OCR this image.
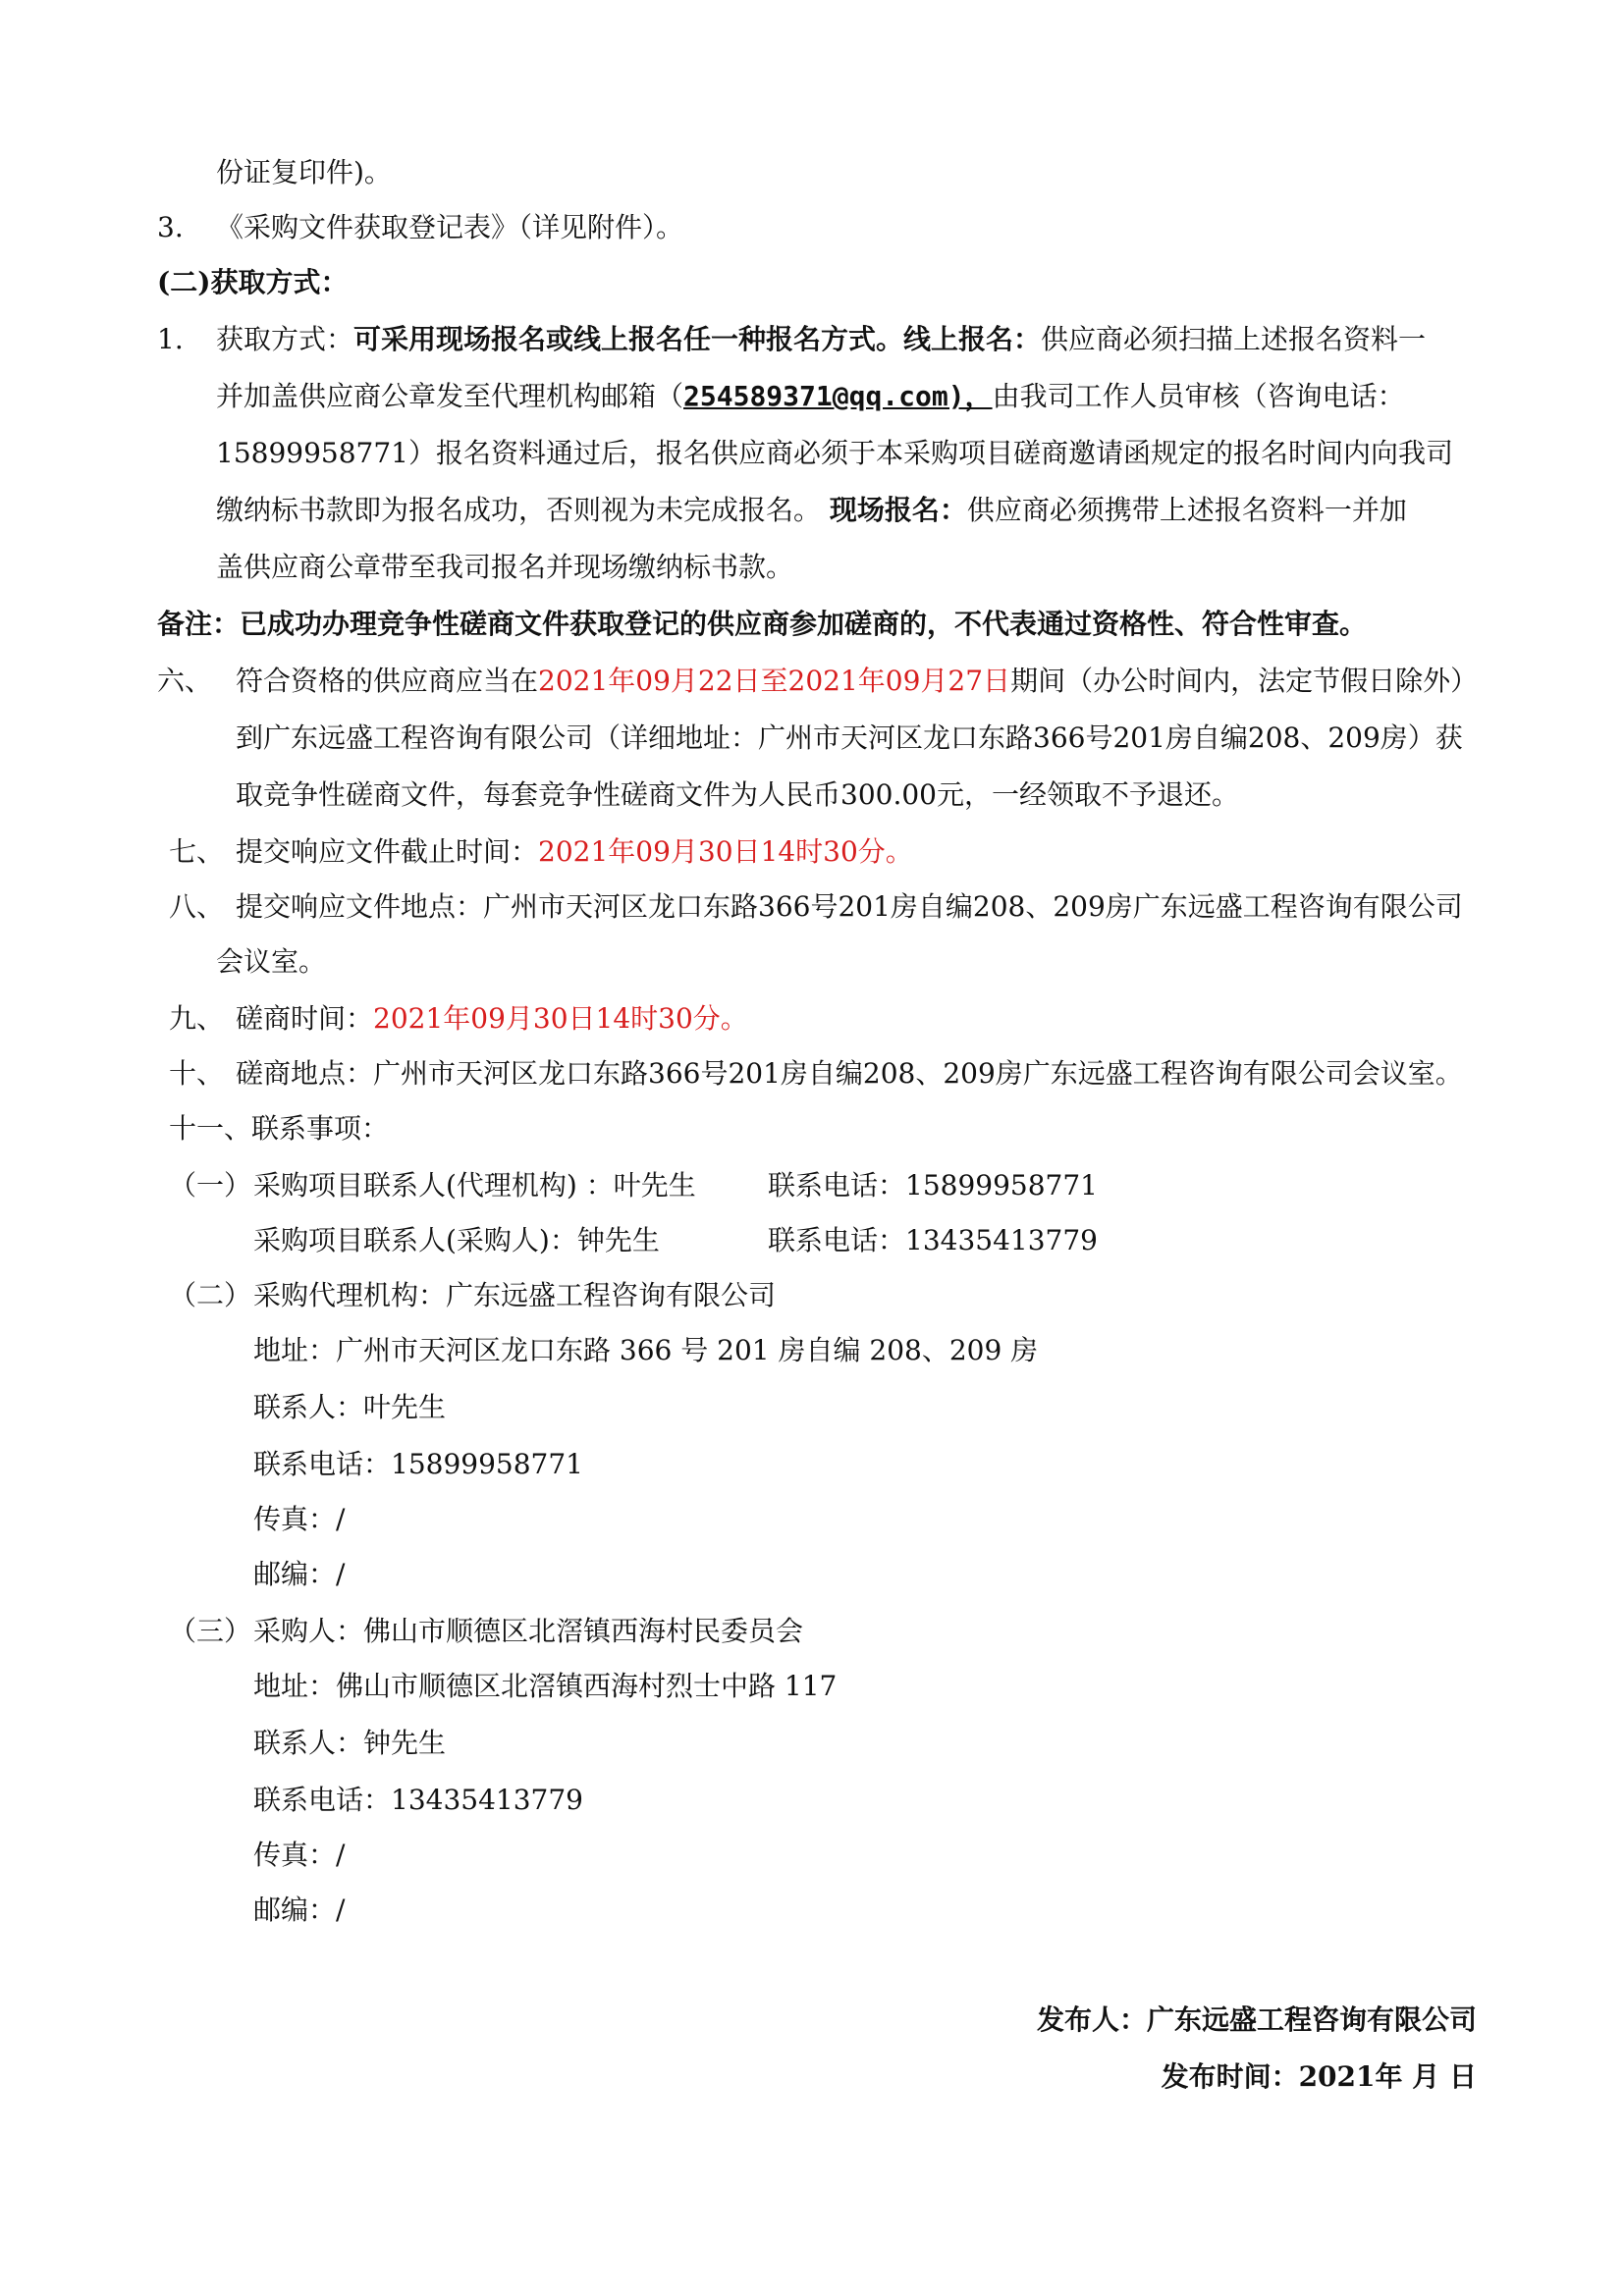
份证复印件)。
3. 《采购文件获取登记表》（详见附件）。
(二)获取方式：
1. 获取方式：可采用现场报名或线上报名任一种报名方式。线上报名：供应商必须扫描上述报名资料一
并加盖供应商公章发至代理机构邮箱（254589371@qq.com)，由我司工作人员审核（咨询电话：
15899958771）报名资料通过后，报名供应商必须于本采购项目磋商邀请函规定的报名时间内向我司
缴纳标书款即为报名成功，否则视为未完成报名。 现场报名：供应商必须携带上述报名资料一并加
盖供应商公章带至我司报名并现场缴纳标书款。
备注：已成功办理竞争性磋商文件获取登记的供应商参加磋商的，不代表通过资格性、符合性审查。
六、 符合资格的供应商应当在2021年09月22日至2021年09月27日期间（办公时间内，法定节假日除外）
到广东远盛工程咨询有限公司（详细地址：广州市天河区龙口东路366号201房自编208、209房）获
取竞争性磋商文件，每套竞争性磋商文件为人民币300.00元，一经领取不予退还。
七、 提交响应文件截止时间：2021年09月30日14时30分。
八、 提交响应文件地点：广州市天河区龙口东路366号201房自编208、209房广东远盛工程咨询有限公司
会议室。
九、 磋商时间：2021年09月30日14时30分。
十、 磋商地点：广州市天河区龙口东路366号201房自编208、209房广东远盛工程咨询有限公司会议室。
十一、联系事项：
（一） 采购项目联系人(代理机构) ：叶先生	联系电话：15899958771
采购项目联系人(采购人)：钟先生	联系电话：13435413779
（二） 采购代理机构：广东远盛工程咨询有限公司
地址：广州市天河区龙口东路 366 号 201 房自编 208、209 房
联系人：叶先生
联系电话：15899958771
传真：/
邮编：/
（三） 采购人：佛山市顺德区北滘镇西海村民委员会
地址：佛山市顺德区北滘镇西海村烈士中路 117
联系人：钟先生
联系电话：13435413779
传真：/
邮编：/
发布人：广东远盛工程咨询有限公司
发布时间：2021年 月 日
